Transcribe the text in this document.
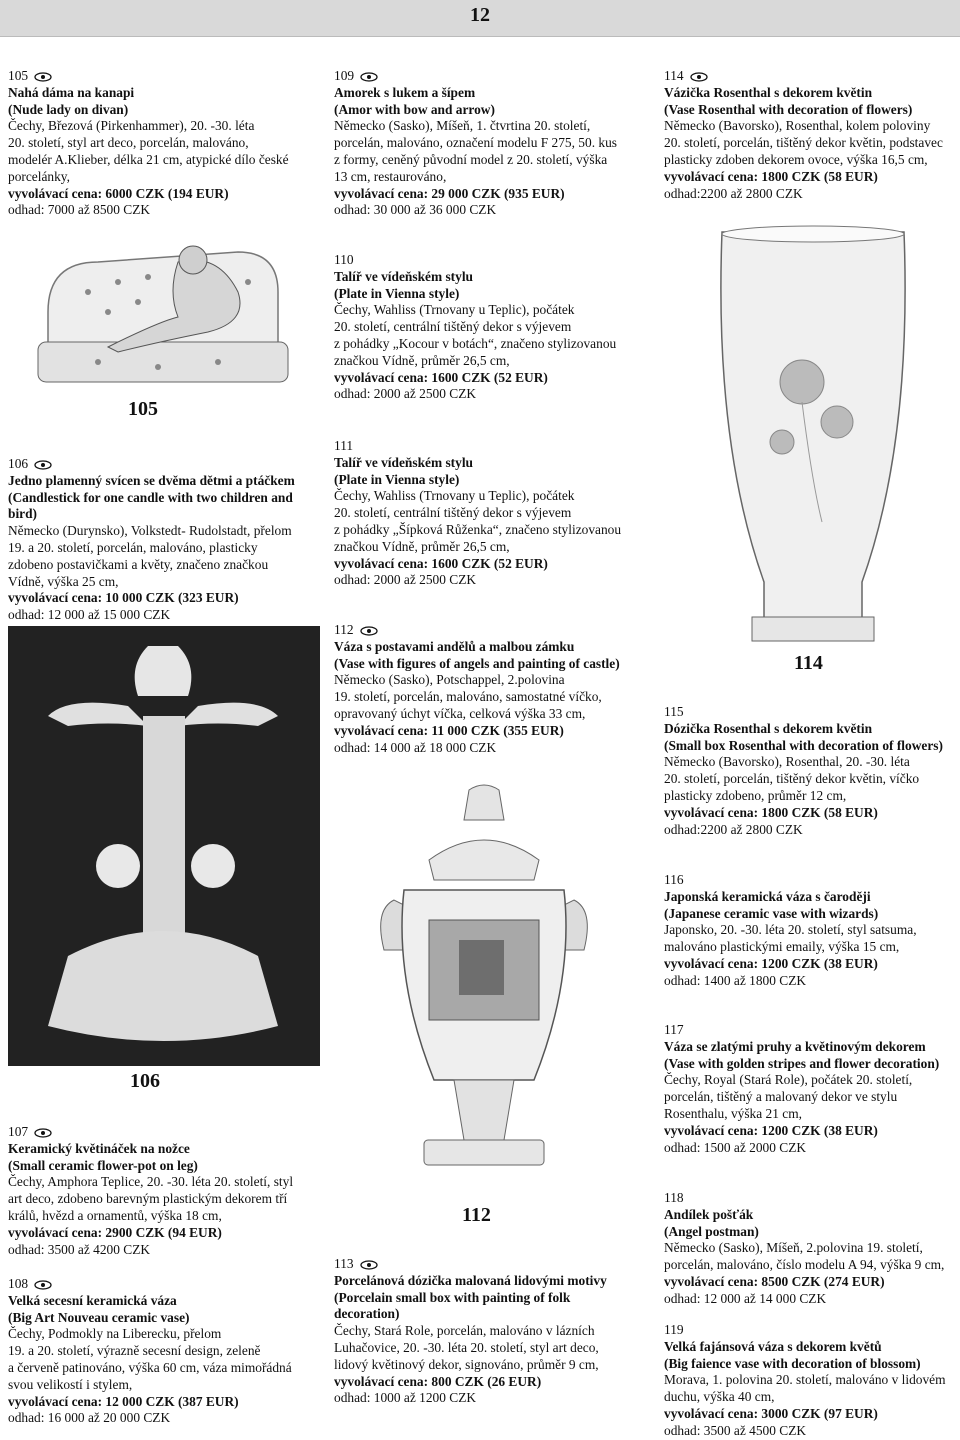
12
105
106
112
114
105
Nahá dáma na kanapi
(Nude lady on divan)
Čechy, Březová (Pirkenhammer), 20. -30. léta
20. století, styl art deco, porcelán, malováno,
modelér A.Klieber, délka 21 cm, atypické dílo české
porcelánky,
vyvolávací cena: 6000 CZK (194 EUR)
odhad: 7000 až 8500 CZK
106
Jedno plamenný svícen se dvěma dětmi a ptáčkem
(Candlestick for one candle with two children and
bird)
Německo (Durynsko), Volkstedt- Rudolstadt, přelom
19. a 20. století, porcelán, malováno, plasticky
zdobeno postavičkami a květy, značeno značkou
Vídně, výška 25 cm,
vyvolávací cena: 10 000 CZK (323 EUR)
odhad: 12 000 až 15 000 CZK
107
Keramický květináček na nožce
(Small ceramic flower-pot on leg)
Čechy, Amphora Teplice, 20. -30. léta 20. století, styl
art deco, zdobeno barevným plastickým dekorem tří
králů, hvězd a ornamentů, výška 18 cm,
vyvolávací cena: 2900 CZK (94 EUR)
odhad: 3500 až 4200 CZK
108
Velká secesní keramická váza
(Big Art Nouveau ceramic vase)
Čechy, Podmokly na Liberecku, přelom
19. a 20. století, výrazně secesní design, zeleně
a červeně patinováno, výška 60 cm, váza mimořádná
svou velikostí i stylem,
vyvolávací cena: 12 000 CZK (387 EUR)
odhad: 16 000 až 20 000 CZK
109
Amorek s lukem a šípem
(Amor with bow and arrow)
Německo (Sasko), Míšeň, 1. čtvrtina 20. století,
porcelán, malováno, označení modelu F 275, 50. kus
z formy, ceněný původní model z 20. století, výška
13 cm, restaurováno,
vyvolávací cena: 29 000 CZK (935 EUR)
odhad: 30 000 až 36 000 CZK
110
Talíř ve vídeňském stylu
(Plate in Vienna style)
Čechy, Wahliss (Trnovany u Teplic), počátek
20. století, centrální tištěný dekor s výjevem
z pohádky „Kocour v botách“, značeno stylizovanou
značkou Vídně, průměr 26,5 cm,
vyvolávací cena: 1600 CZK (52 EUR)
odhad: 2000 až 2500 CZK
111
Talíř ve vídeňském stylu
(Plate in Vienna style)
Čechy, Wahliss (Trnovany u Teplic), počátek
20. století, centrální tištěný dekor s výjevem
z pohádky „Šípková Růženka“, značeno stylizovanou
značkou Vídně, průměr 26,5 cm,
vyvolávací cena: 1600 CZK (52 EUR)
odhad: 2000 až 2500 CZK
112
Váza s postavami andělů a malbou zámku
(Vase with figures of angels and painting of castle)
Německo (Sasko), Potschappel, 2.polovina
19. století, porcelán, malováno, samostatné víčko,
opravovaný úchyt víčka, celková výška 33 cm,
vyvolávací cena: 11 000 CZK (355 EUR)
odhad: 14 000 až 18 000 CZK
113
Porcelánová dózička malovaná lidovými motivy
(Porcelain small box with painting of folk
decoration)
Čechy, Stará Role, porcelán, malováno v lázních
Luhačovice, 20. -30. léta 20. století, styl art deco,
lidový květinový dekor, signováno, průměr 9 cm,
vyvolávací cena: 800 CZK (26 EUR)
odhad: 1000 až 1200 CZK
114
Vázička Rosenthal s dekorem květin
(Vase Rosenthal with decoration of flowers)
Německo (Bavorsko), Rosenthal, kolem poloviny
20. století, porcelán, tištěný dekor květin, podstavec
plasticky zdoben dekorem ovoce, výška 16,5 cm,
vyvolávací cena: 1800 CZK (58 EUR)
odhad:2200 až 2800 CZK
115
Dózička Rosenthal s dekorem květin
(Small box Rosenthal with decoration of flowers)
Německo (Bavorsko), Rosenthal, 20. -30. léta
20. století, porcelán, tištěný dekor květin, víčko
plasticky zdobeno, průměr 12 cm,
vyvolávací cena: 1800 CZK (58 EUR)
odhad:2200 až 2800 CZK
116
Japonská keramická váza s čaroději
(Japanese ceramic vase with wizards)
Japonsko, 20. -30. léta 20. století, styl satsuma,
malováno plastickými emaily, výška 15 cm,
vyvolávací cena: 1200 CZK (38 EUR)
odhad: 1400 až 1800 CZK
117
Váza se zlatými pruhy a květinovým dekorem
(Vase with golden stripes and flower decoration)
Čechy, Royal (Stará Role), počátek 20. století,
porcelán, tištěný a malovaný dekor ve stylu
Rosenthalu, výška 21 cm,
vyvolávací cena: 1200 CZK (38 EUR)
odhad: 1500 až 2000 CZK
118
Andílek pošťák
(Angel postman)
Německo (Sasko), Míšeň, 2.polovina 19. století,
porcelán, malováno, číslo modelu A 94, výška 9 cm,
vyvolávací cena: 8500 CZK (274 EUR)
odhad: 12 000 až 14 000 CZK
119
Velká fajánsová váza s dekorem květů
(Big faience vase with decoration of blossom)
Morava, 1. polovina 20. století, malováno v lidovém
duchu, výška 40 cm,
vyvolávací cena: 3000 CZK (97 EUR)
odhad: 3500 až 4500 CZK
